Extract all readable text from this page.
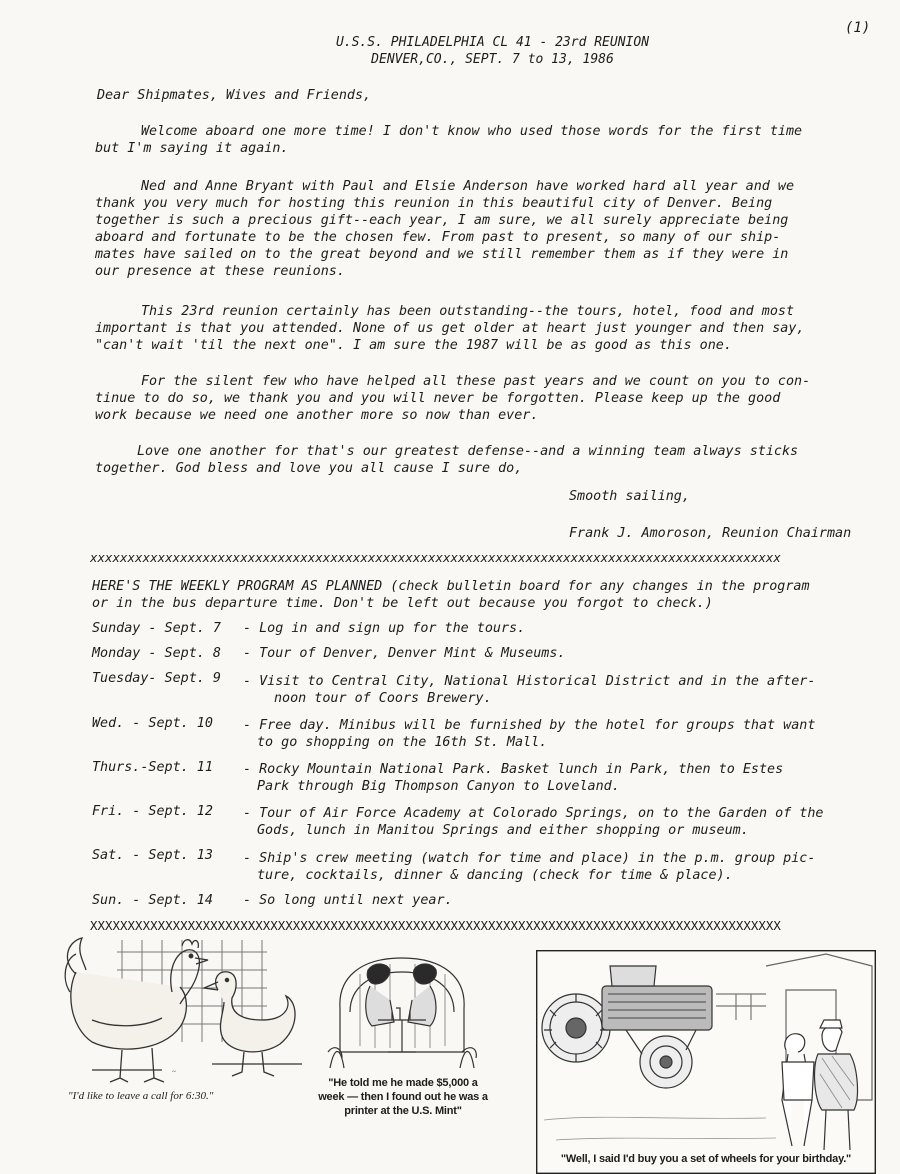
(1)
U.S.S. PHILADELPHIA CL 41 - 23rd REUNION
DENVER,CO., SEPT. 7 to 13, 1986
Dear Shipmates, Wives and Friends,
Welcome aboard one more time! I don't know who used those words for the first time
but I'm saying it again.
Ned and Anne Bryant with Paul and Elsie Anderson have worked hard all year and we
thank you very much for hosting this reunion in this beautiful city of Denver. Being
together is such a precious gift--each year, I am sure, we all surely appreciate being
aboard and fortunate to be the chosen few. From past to present, so many of our ship-
mates have sailed on to the great beyond and we still remember them as if they were in
our presence at these reunions.
This 23rd reunion certainly has been outstanding--the tours, hotel, food and most
important is that you attended. None of us get older at heart just younger and then say,
"can't wait 'til the next one". I am sure the 1987 will be as good as this one.
For the silent few who have helped all these past years and we count on you to con-
tinue to do so, we thank you and you will never be forgotten. Please keep up the good
work because we need one another more so now than ever.
Love one another for that's our greatest defense--and a winning team always sticks
together. God bless and love you all cause I sure do,
Smooth sailing,
Frank J. Amoroson, Reunion Chairman
xxxxxxxxxxxxxxxxxxxxxxxxxxxxxxxxxxxxxxxxxxxxxxxxxxxxxxxxxxxxxxxxxxxxxxxxxxxxxxxxxxxxxxxxxxxx
HERE'S THE WEEKLY PROGRAM AS PLANNED (check bulletin board for any changes in the program
or in the bus departure time. Don't be left out because you forgot to check.)
Sunday - Sept. 7 - Log in and sign up for the tours.
Monday - Sept. 8 - Tour of Denver, Denver Mint & Museums.
Tuesday- Sept. 9 - Visit to Central City, National Historical District and in the after-
noon tour of Coors Brewery.
Wed. - Sept. 10 - Free day. Minibus will be furnished by the hotel for groups that want
to go shopping on the 16th St. Mall.
Thurs.-Sept. 11 - Rocky Mountain National Park. Basket lunch in Park, then to Estes
Park through Big Thompson Canyon to Loveland.
Fri. - Sept. 12 - Tour of Air Force Academy at Colorado Springs, on to the Garden of the
Gods, lunch in Manitou Springs and either shopping or museum.
Sat. - Sept. 13 - Ship's crew meeting (watch for time and place) in the p.m. group pic-
ture, cocktails, dinner & dancing (check for time & place).
Sun. - Sept. 14 - So long until next year.
XXXXXXXXXXXXXXXXXXXXXXXXXXXXXXXXXXXXXXXXXXXXXXXXXXXXXXXXXXXXXXXXXXXXXXXXXXXXXXXXXXXXXXXXXXXX
~
"I'd like to leave a call for 6:30."
"He told me he made $5,000 a
week — then I found out he was a
printer at the U.S. Mint"
"Well, I said I'd buy you a set of wheels for your birthday."
